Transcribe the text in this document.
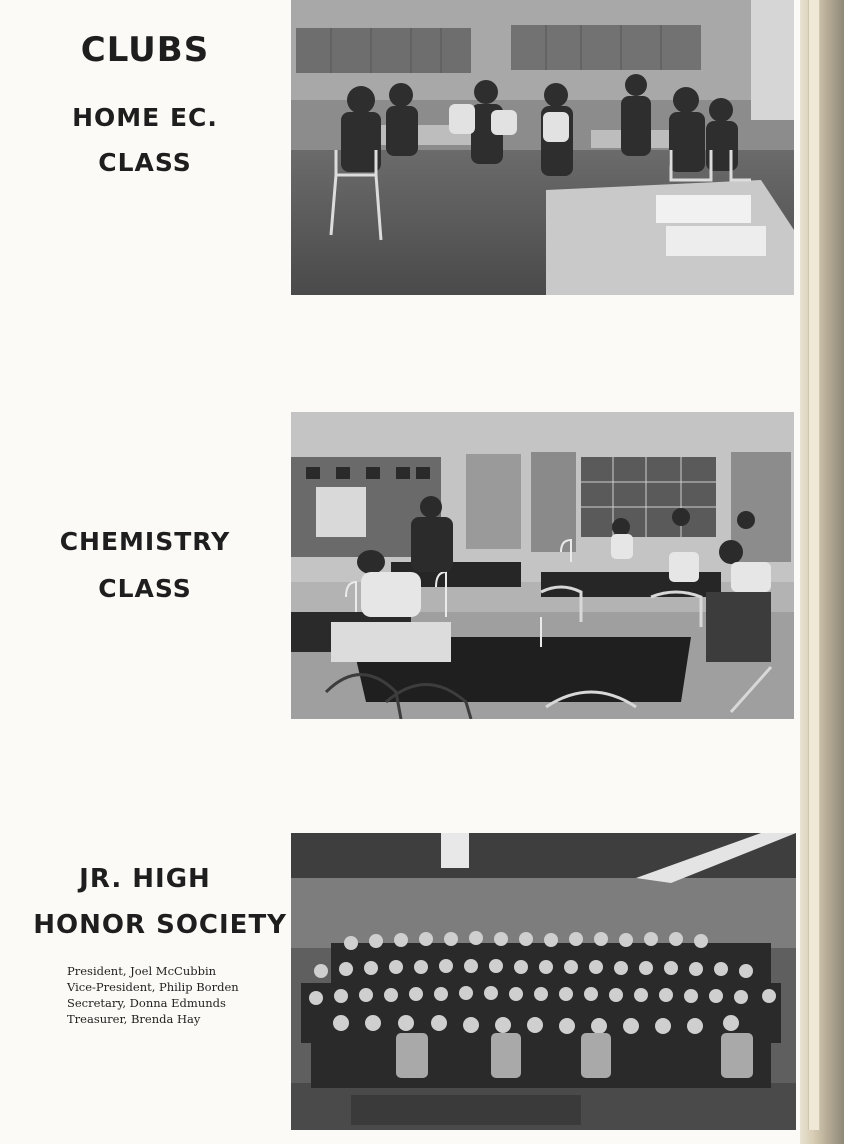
CLUBS
HOME EC.
CLASS
CHEMISTRY
CLASS
JR. HIGH
HONOR SOCIETY
President, Joel McCubbin
Vice-President, Philip Borden
Secretary, Donna Edmunds
Treasurer, Brenda Hay
